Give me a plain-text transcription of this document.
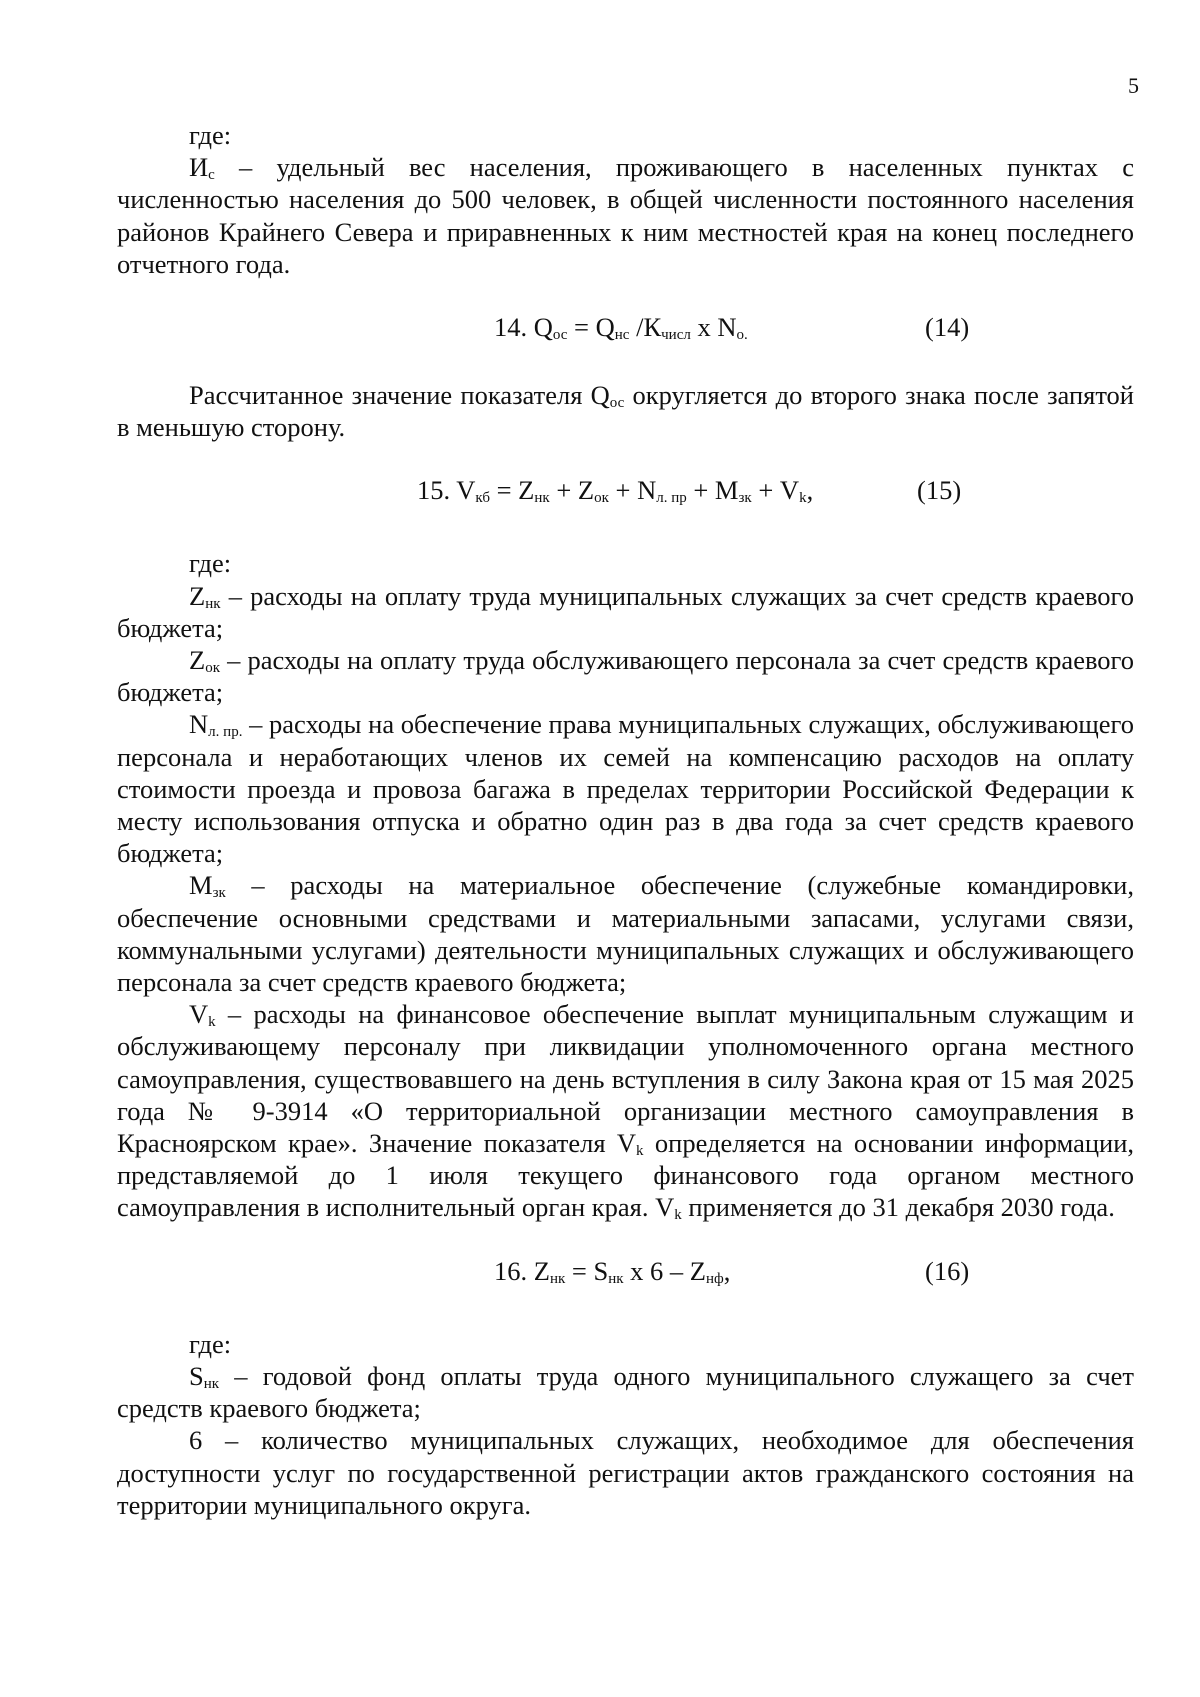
5

где:

$И_с$ – удельный вес населения, проживающего в населенных пунктах с численностью населения до 500 человек, в общей численности постоянного населения районов Крайнего Севера и приравненных к ним местностей края на конец последнего отчетного года.

14. $Q_{ос} = Q_{нс}$ $/К_{числ}$ х $N_{о.}$	(14)

Рассчитанное значение показателя $Q_{ос}$ округляется до второго знака после запятой в меньшую сторону.

15. $V_{кб} = Z_{нк} + Z_{ок} + N_{л. пр} + M_{зк} + V_k$,	(15)

где:

$Z_{нк}$ – расходы на оплату труда муниципальных служащих за счет средств краевого бюджета;

$Z_{ок}$ – расходы на оплату труда обслуживающего персонала за счет средств краевого бюджета;

$N_{л. пр.}$ – расходы на обеспечение права муниципальных служащих, обслуживающего персонала и неработающих членов их семей на компенсацию расходов на оплату стоимости проезда и провоза багажа в пределах территории Российской Федерации к месту использования отпуска и обратно один раз в два года за счет средств краевого бюджета;

$M_{зк}$ – расходы на материальное обеспечение (служебные командировки, обеспечение основными средствами и материальными запасами, услугами связи, коммунальными услугами) деятельности муниципальных служащих и обслуживающего персонала за счет средств краевого бюджета;

$V_k$ – расходы на финансовое обеспечение выплат муниципальным служащим и обслуживающему персоналу при ликвидации уполномоченного органа местного самоуправления, существовавшего на день вступления в силу Закона края от 15 мая 2025 года № 9-3914 «О территориальной организации местного самоуправления в Красноярском крае». Значение показателя $V_k$ определяется на основании информации, представляемой до 1 июля текущего финансового года органом местного самоуправления в исполнительный орган края. $V_k$ применяется до 31 декабря 2030 года.

16. $Z_{нк} = S_{нк}$ х $6 - Z_{нф}$,	(16)

где:

$S_{нк}$ – годовой фонд оплаты труда одного муниципального служащего за счет средств краевого бюджета;

6 – количество муниципальных служащих, необходимое для обеспечения доступности услуг по государственной регистрации актов гражданского состояния на территории муниципального округа.
